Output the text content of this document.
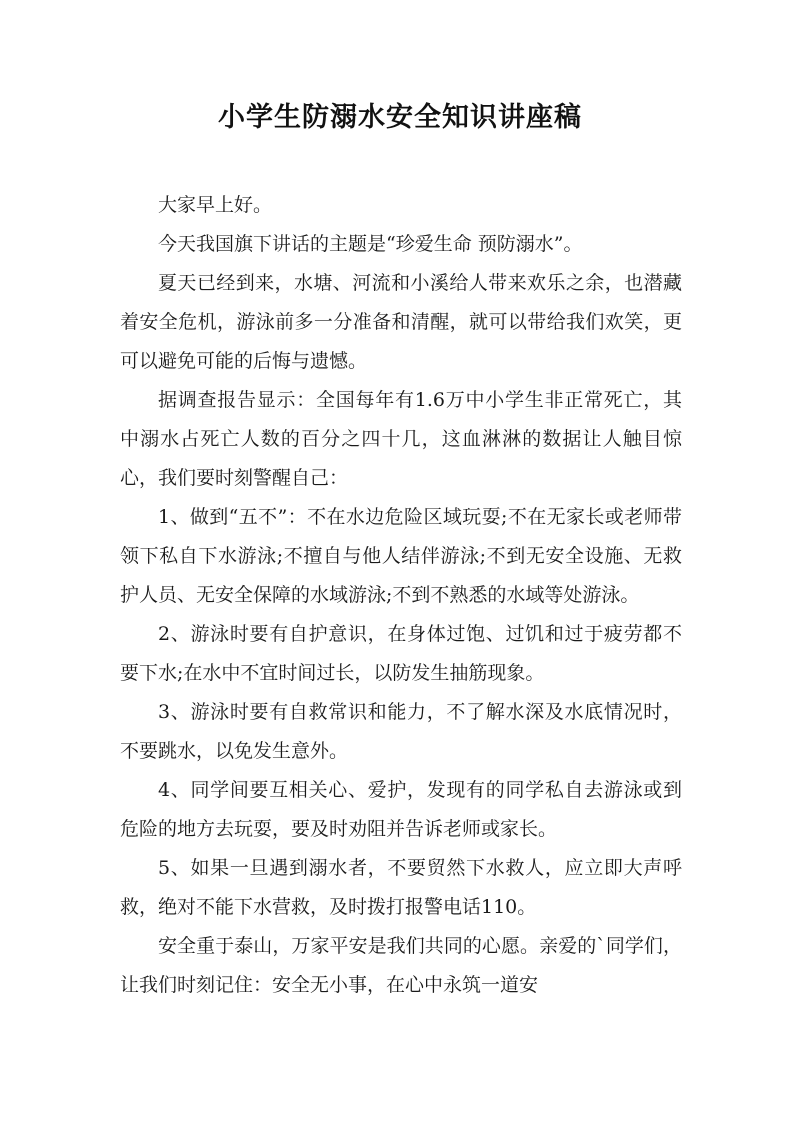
小学生防溺水安全知识讲座稿

大家早上好。

今天我国旗下讲话的主题是“珍爱生命 预防溺水”。

夏天已经到来，水塘、河流和小溪给人带来欢乐之余，也潜藏着安全危机，游泳前多一分准备和清醒，就可以带给我们欢笑，更可以避免可能的后悔与遗憾。

据调查报告显示：全国每年有1.6万中小学生非正常死亡，其中溺水占死亡人数的百分之四十几，这血淋淋的数据让人触目惊心，我们要时刻警醒自己：

1、做到“五不”：不在水边危险区域玩耍;不在无家长或老师带领下私自下水游泳;不擅自与他人结伴游泳;不到无安全设施、无救护人员、无安全保障的水域游泳;不到不熟悉的水域等处游泳。

2、游泳时要有自护意识，在身体过饱、过饥和过于疲劳都不要下水;在水中不宜时间过长，以防发生抽筋现象。

3、游泳时要有自救常识和能力，不了解水深及水底情况时，不要跳水，以免发生意外。

4、同学间要互相关心、爱护，发现有的同学私自去游泳或到危险的地方去玩耍，要及时劝阻并告诉老师或家长。

5、如果一旦遇到溺水者，不要贸然下水救人，应立即大声呼救，绝对不能下水营救，及时拨打报警电话110。

安全重于泰山，万家平安是我们共同的心愿。亲爱的`同学们，让我们时刻记住：安全无小事，在心中永筑一道安
